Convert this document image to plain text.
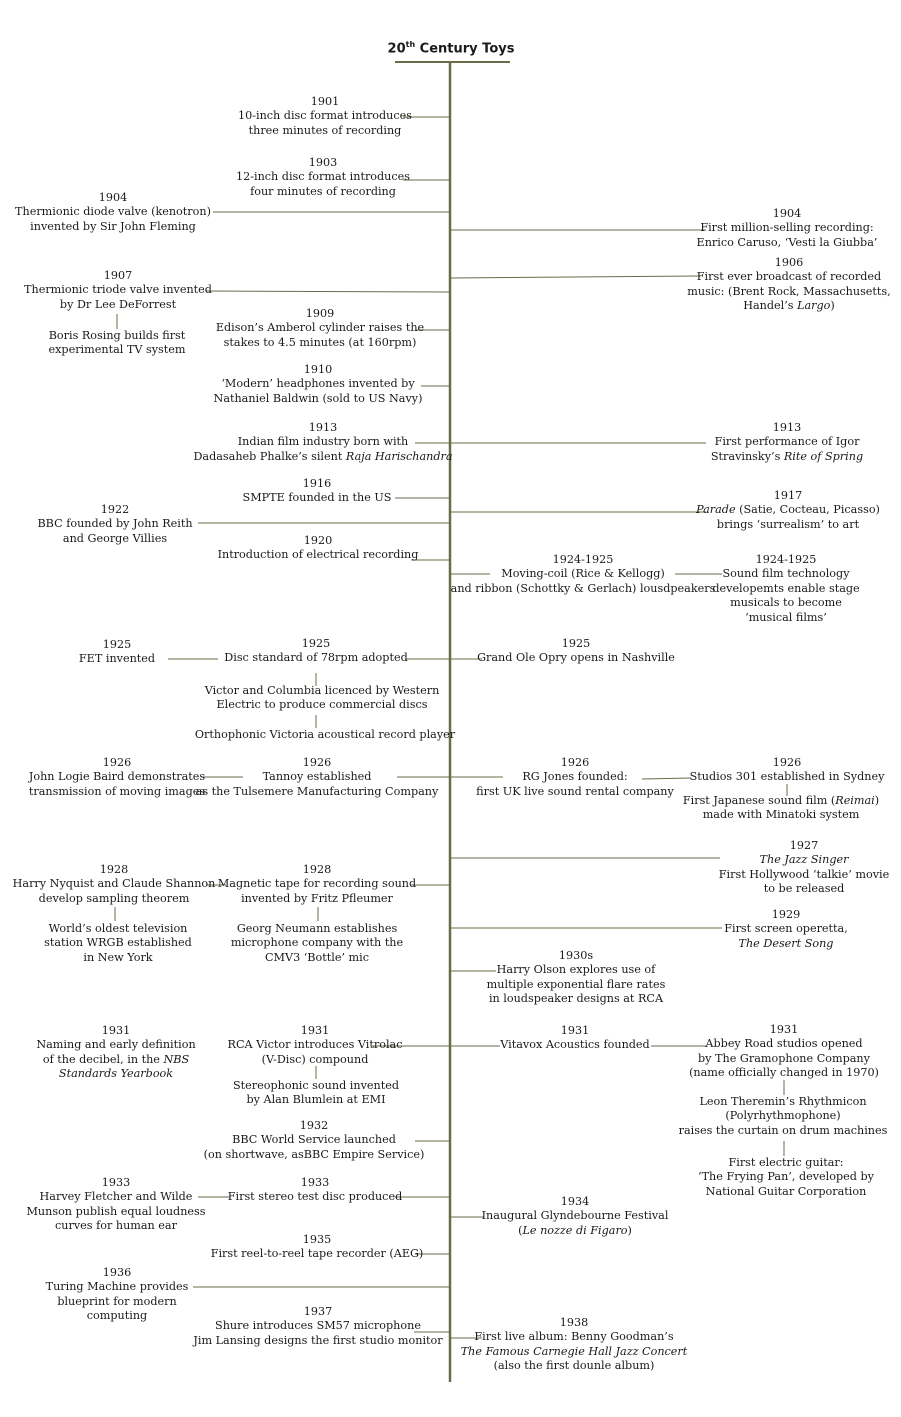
20th Century Toys
1901
10-inch disc format introduces
three minutes of recording
1903
12-inch disc format introduces
four minutes of recording
1904
Thermionic diode valve (kenotron)
invented by Sir John Fleming
1904
First million-selling recording:
Enrico Caruso, ‘Vesti la Giubba’
1906
First ever broadcast of recorded
music: (Brent Rock, Massachusetts,
Handel’s Largo)
1907
Thermionic triode valve invented
by Dr Lee DeForrest
Boris Rosing builds first
experimental TV system
1909
Edison’s Amberol cylinder raises the
stakes to 4.5 minutes (at 160rpm)
1910
‘Modern’ headphones invented by
Nathaniel Baldwin (sold to US Navy)
1913
Indian film industry born with
Dadasaheb Phalke’s silent Raja Harischandra
1913
First performance of Igor
Stravinsky’s Rite of Spring
1916
SMPTE founded in the US	1917
Parade (Satie, Cocteau, Picasso)
brings ‘surrealism’ to art
1922
BBC founded by John Reith
and George Villies	1920
Introduction of electrical recording	1924-1925
Moving-coil (Rice & Kellogg)
and ribbon (Schottky & Gerlach) lousdpeakers
1924-1925
Sound film technology
developemts enable stage
musicals to become
‘musical films’
1925
FET invented
1925
Disc standard of 78rpm adopted
1925
Grand Ole Opry opens in Nashville
Victor and Columbia licenced by Western
Electric to produce commercial discs
Orthophonic Victoria acoustical record player
1926
John Logie Baird demonstrates
transmission of moving images
1926
Tannoy established
as the Tulsemere Manufacturing Company
1926
RG Jones founded:
first UK live sound rental company
1926
Studios 301 established in Sydney
First Japanese sound film (Reimai)
made with Minatoki system
1927
The Jazz Singer
First Hollywood ‘talkie’ movie
to be released
1928
Harry Nyquist and Claude Shannon
develop sampling theorem
1928
Magnetic tape for recording sound
invented by Fritz Pfleumer
World’s oldest television
station WRGB established
in New York
Georg Neumann establishes
microphone company with the
CMV3 ‘Bottle’ mic
1929
First screen operetta,
The Desert Song
1930s
Harry Olson explores use of
multiple exponential flare rates
in loudspeaker designs at RCA
1931
Naming and early definition
of the decibel, in the NBS
Standards Yearbook
1931
RCA Victor introduces Vitrolac
(V-Disc) compound
1931
Vitavox Acoustics founded
1931
Abbey Road studios opened
by The Gramophone Company
(name officially changed in 1970)
Stereophonic sound invented
by Alan Blumlein at EMI	Leon Theremin’s Rhythmicon
(Polyrhythmophone)
raises the curtain on drum machines
First electric guitar:
‘The Frying Pan’, developed by
National Guitar Corporation
1932
BBC World Service launched
(on shortwave, asBBC Empire Service)
1933
Harvey Fletcher and Wilde
Munson publish equal loudness
curves for human ear
1933
First stereo test disc produced	1934
Inaugural Glyndebourne Festival
(Le nozze di Figaro)
1935
First reel-to-reel tape recorder (AEG)
1936
Turing Machine provides
blueprint for modern
computing	1937
Shure introduces SM57 microphone
Jim Lansing designs the first studio monitor
1938
First live album: Benny Goodman’s
The Famous Carnegie Hall Jazz Concert
(also the first dounle album)
